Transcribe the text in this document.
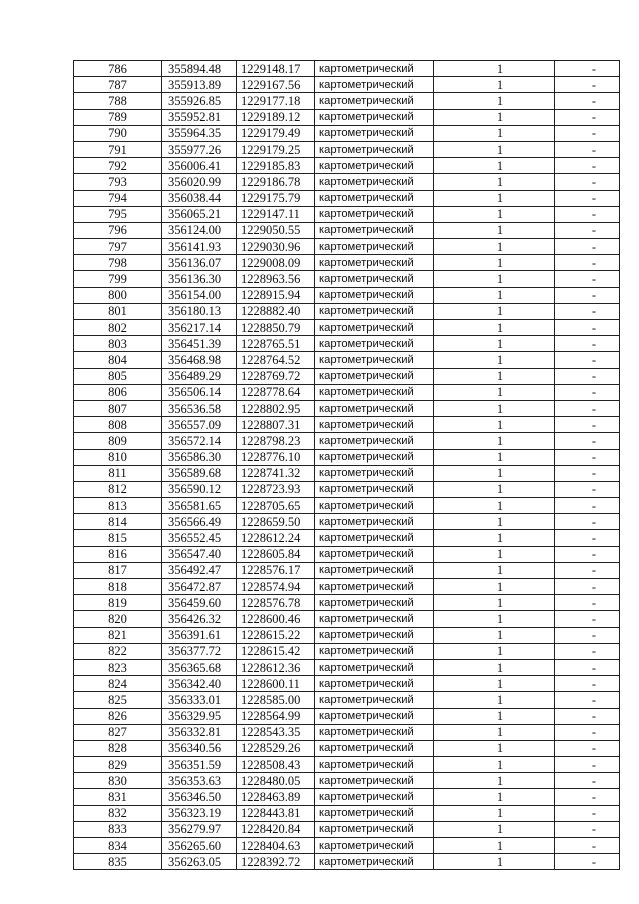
786	355894.48	1229148.17	картометрический	1	-
787	355913.89	1229167.56	картометрический	1	-
788	355926.85	1229177.18	картометрический	1	-
789	355952.81	1229189.12	картометрический	1	-
790	355964.35	1229179.49	картометрический	1	-
791	355977.26	1229179.25	картометрический	1	-
792	356006.41	1229185.83	картометрический	1	-
793	356020.99	1229186.78	картометрический	1	-
794	356038.44	1229175.79	картометрический	1	-
795	356065.21	1229147.11	картометрический	1	-
796	356124.00	1229050.55	картометрический	1	-
797	356141.93	1229030.96	картометрический	1	-
798	356136.07	1229008.09	картометрический	1	-
799	356136.30	1228963.56	картометрический	1	-
800	356154.00	1228915.94	картометрический	1	-
801	356180.13	1228882.40	картометрический	1	-
802	356217.14	1228850.79	картометрический	1	-
803	356451.39	1228765.51	картометрический	1	-
804	356468.98	1228764.52	картометрический	1	-
805	356489.29	1228769.72	картометрический	1	-
806	356506.14	1228778.64	картометрический	1	-
807	356536.58	1228802.95	картометрический	1	-
808	356557.09	1228807.31	картометрический	1	-
809	356572.14	1228798.23	картометрический	1	-
810	356586.30	1228776.10	картометрический	1	-
811	356589.68	1228741.32	картометрический	1	-
812	356590.12	1228723.93	картометрический	1	-
813	356581.65	1228705.65	картометрический	1	-
814	356566.49	1228659.50	картометрический	1	-
815	356552.45	1228612.24	картометрический	1	-
816	356547.40	1228605.84	картометрический	1	-
817	356492.47	1228576.17	картометрический	1	-
818	356472.87	1228574.94	картометрический	1	-
819	356459.60	1228576.78	картометрический	1	-
820	356426.32	1228600.46	картометрический	1	-
821	356391.61	1228615.22	картометрический	1	-
822	356377.72	1228615.42	картометрический	1	-
823	356365.68	1228612.36	картометрический	1	-
824	356342.40	1228600.11	картометрический	1	-
825	356333.01	1228585.00	картометрический	1	-
826	356329.95	1228564.99	картометрический	1	-
827	356332.81	1228543.35	картометрический	1	-
828	356340.56	1228529.26	картометрический	1	-
829	356351.59	1228508.43	картометрический	1	-
830	356353.63	1228480.05	картометрический	1	-
831	356346.50	1228463.89	картометрический	1	-
832	356323.19	1228443.81	картометрический	1	-
833	356279.97	1228420.84	картометрический	1	-
834	356265.60	1228404.63	картометрический	1	-
835	356263.05	1228392.72	картометрический	1	-
